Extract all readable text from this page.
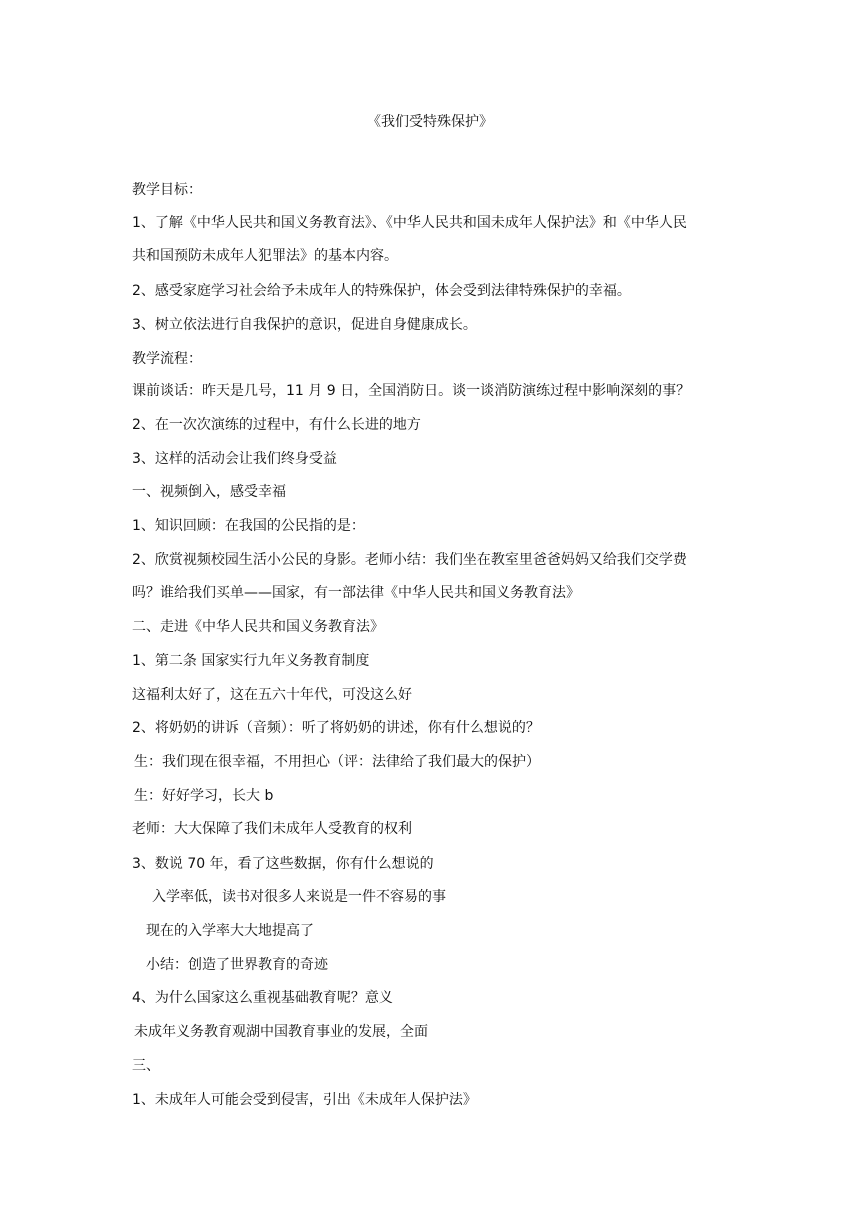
《我们受特殊保护》
教学目标：
1、了解《中华人民共和国义务教育法》、《中华人民共和国未成年人保护法》和《中华人民
共和国预防未成年人犯罪法》的基本内容。
2、感受家庭学习社会给予未成年人的特殊保护，体会受到法律特殊保护的幸福。
3、树立依法进行自我保护的意识，促进自身健康成长。
教学流程：
课前谈话：昨天是几号，11 月 9 日，全国消防日。谈一谈消防演练过程中影响深刻的事？
2、在一次次演练的过程中，有什么长进的地方
3、这样的活动会让我们终身受益
一、视频倒入，感受幸福
1、知识回顾：在我国的公民指的是：
2、欣赏视频校园生活小公民的身影。老师小结：我们坐在教室里爸爸妈妈又给我们交学费
吗？谁给我们买单——国家，有一部法律《中华人民共和国义务教育法》
二、走进《中华人民共和国义务教育法》
1、第二条 国家实行九年义务教育制度
这福利太好了，这在五六十年代，可没这么好
2、将奶奶的讲诉（音频）：听了将奶奶的讲述，你有什么想说的？
生：我们现在很幸福，不用担心（评：法律给了我们最大的保护）
生：好好学习，长大 b
老师：大大保障了我们未成年人受教育的权利
3、数说 70 年，看了这些数据，你有什么想说的
入学率低，读书对很多人来说是一件不容易的事
现在的入学率大大地提高了
小结：创造了世界教育的奇迹
4、为什么国家这么重视基础教育呢？意义
未成年义务教育观湖中国教育事业的发展，全面
三、
1、未成年人可能会受到侵害，引出《未成年人保护法》
